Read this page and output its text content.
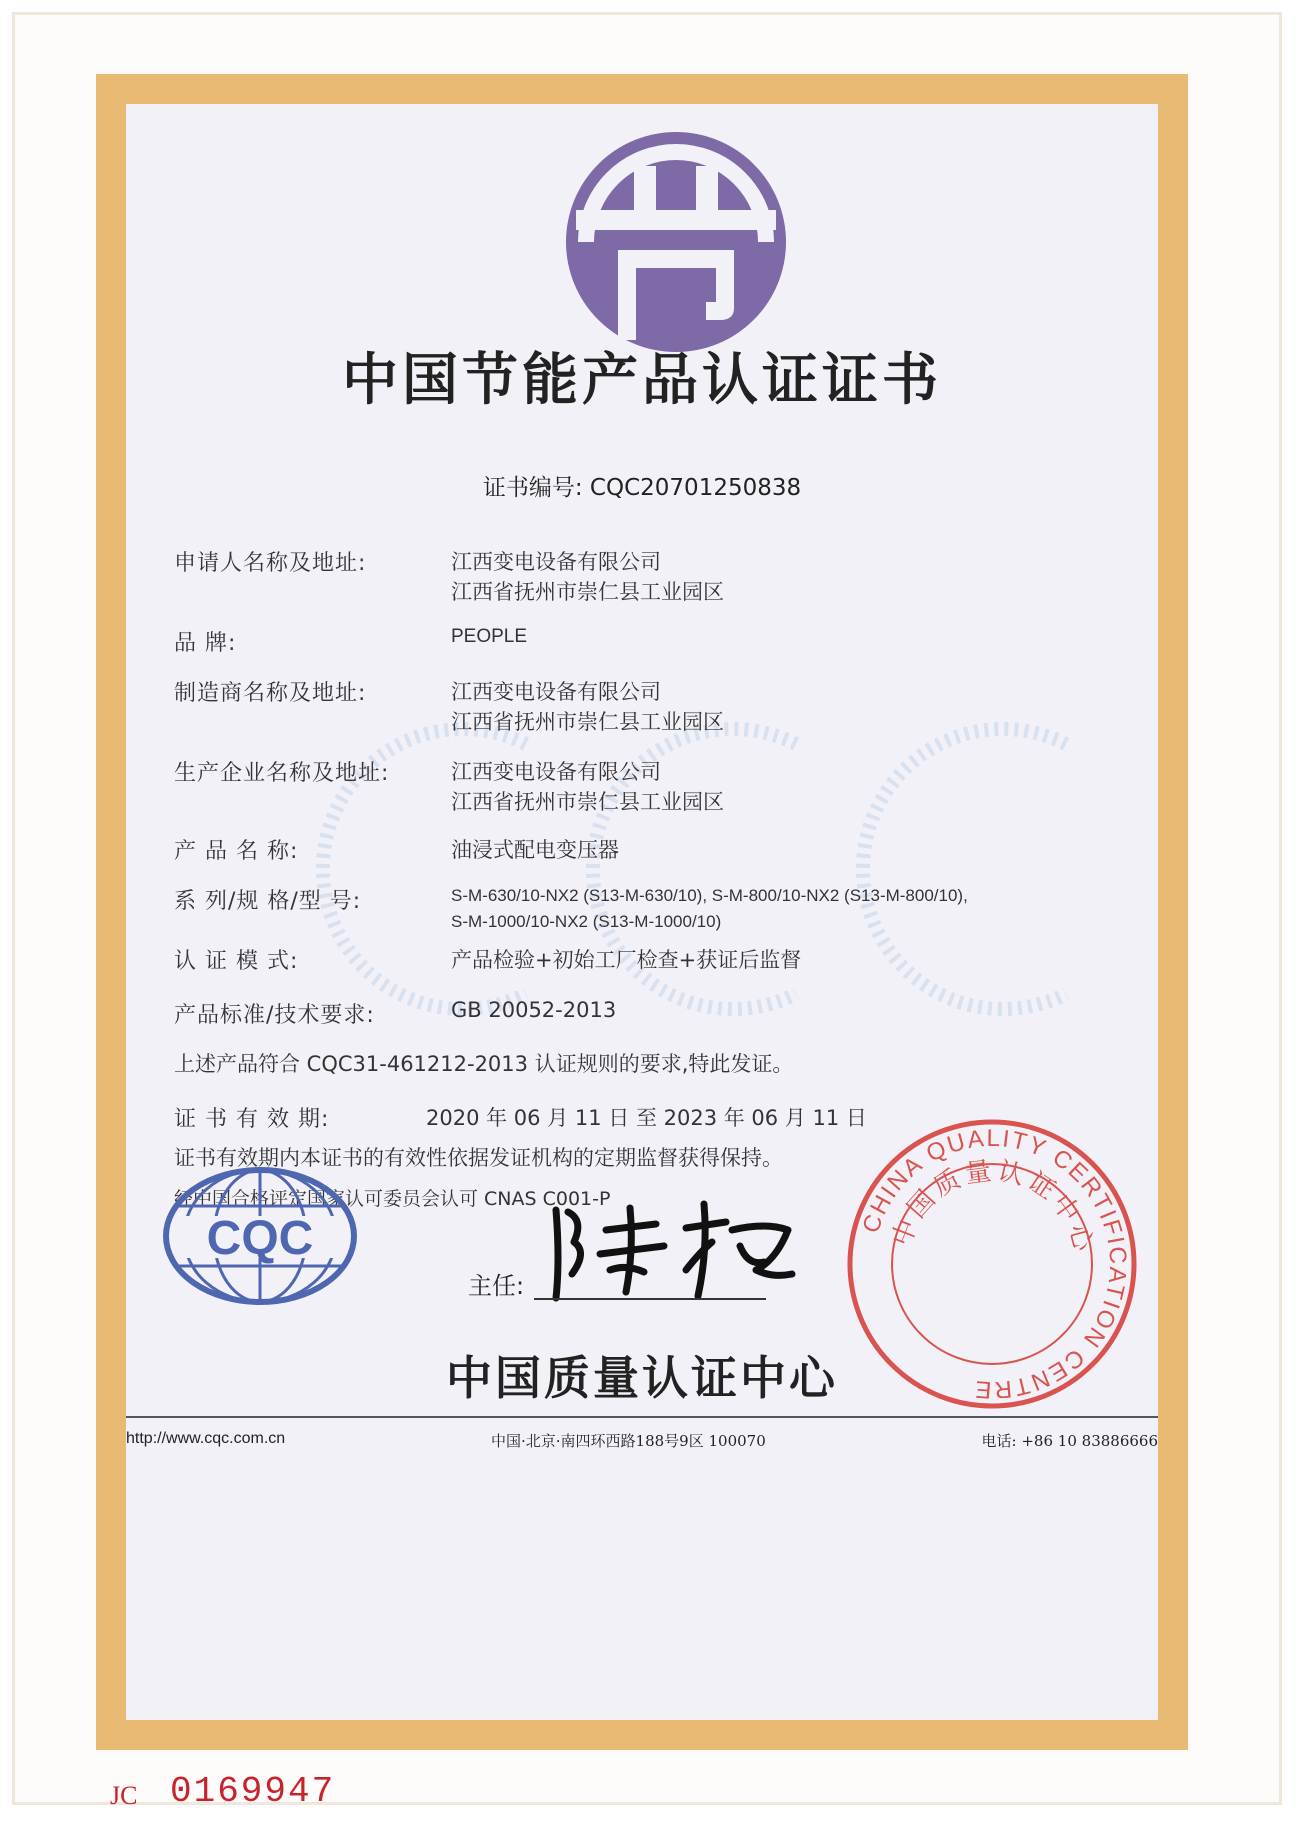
中国节能产品认证证书
证书编号: CQC20701250838
申请人名称及地址:	江西变电设备有限公司
江西省抚州市崇仁县工业园区
品 牌:	PEOPLE
制造商名称及地址:	江西变电设备有限公司
江西省抚州市崇仁县工业园区
生产企业名称及地址:	江西变电设备有限公司
江西省抚州市崇仁县工业园区
产 品 名 称:	油浸式配电变压器
系 列/规 格/型 号:	S-M-630/10-NX2 (S13-M-630/10), S-M-800/10-NX2 (S13-M-800/10),
S-M-1000/10-NX2 (S13-M-1000/10)
认 证 模 式:	产品检验+初始工厂检查+获证后监督
产品标准/技术要求:	GB 20052-2013
上述产品符合 CQC31-461212-2013 认证规则的要求,特此发证。
证 书 有 效 期:	2020 年 06 月 11 日 至 2023 年 06 月 11 日
证书有效期内本证书的有效性依据发证机构的定期监督获得保持。
经中国合格评定国家认可委员会认可 CNAS C001-P
CQC
主任:
CHINA QUALITY CERTIFICATION CENTRE
中国质量认证中心
中国质量认证中心
http://www.cqc.com.cn	中国·北京·南四环西路188号9区 100070	电话: +86 10 83886666
JC 0169947
